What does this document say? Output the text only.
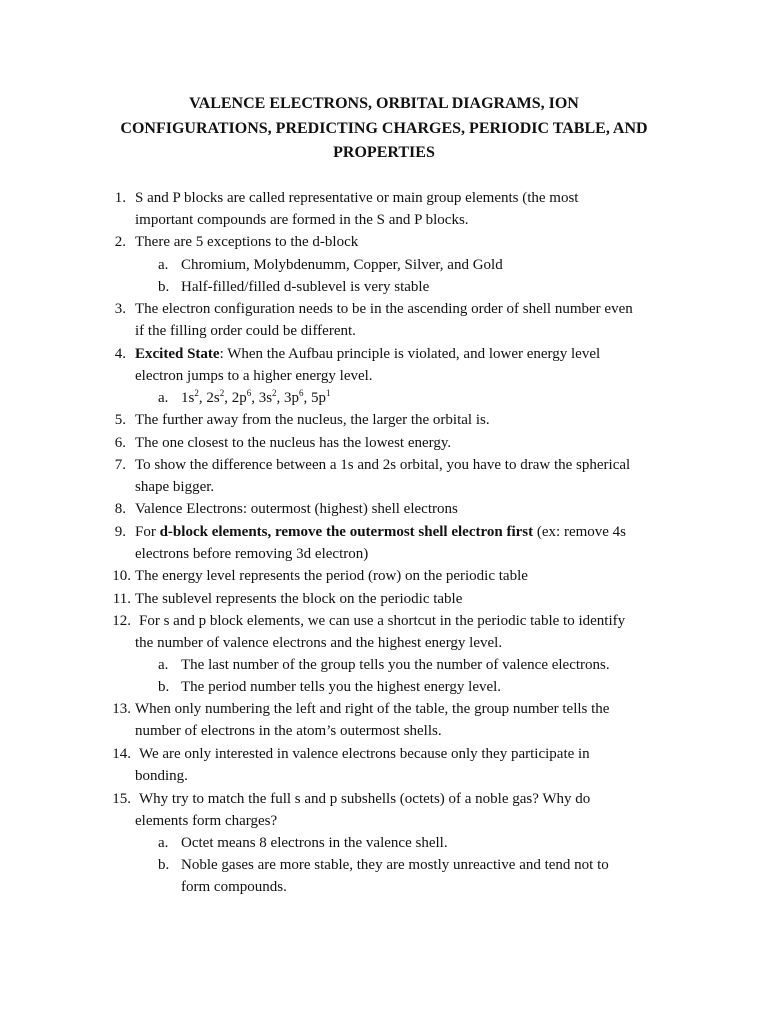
VALENCE ELECTRONS, ORBITAL DIAGRAMS, ION
CONFIGURATIONS, PREDICTING CHARGES, PERIODIC TABLE, AND
PROPERTIES
1. S and P blocks are called representative or main group elements (the most
important compounds are formed in the S and P blocks.
2. There are 5 exceptions to the d-block
a. Chromium, Molybdenumm, Copper, Silver, and Gold
b. Half-filled/filled d-sublevel is very stable
3. The electron configuration needs to be in the ascending order of shell number even
if the filling order could be different.
4. Excited State: When the Aufbau principle is violated, and lower energy level
electron jumps to a higher energy level.
a. $1s^2$, $2s^2$, $2p^6$, $3s^2$, $3p^6$, $5p^1$
5. The further away from the nucleus, the larger the orbital is.
6. The one closest to the nucleus has the lowest energy.
7. To show the difference between a 1s and 2s orbital, you have to draw the spherical
shape bigger.
8. Valence Electrons: outermost (highest) shell electrons
9. For d-block elements, remove the outermost shell electron first (ex: remove 4s
electrons before removing 3d electron)
10. The energy level represents the period (row) on the periodic table
11. The sublevel represents the block on the periodic table
12. For s and p block elements, we can use a shortcut in the periodic table to identify
the number of valence electrons and the highest energy level.
a. The last number of the group tells you the number of valence electrons.
b. The period number tells you the highest energy level.
13. When only numbering the left and right of the table, the group number tells the
number of electrons in the atom’s outermost shells.
14. We are only interested in valence electrons because only they participate in
bonding.
15. Why try to match the full s and p subshells (octets) of a noble gas? Why do
elements form charges?
a. Octet means 8 electrons in the valence shell.
b. Noble gases are more stable, they are mostly unreactive and tend not to
form compounds.
